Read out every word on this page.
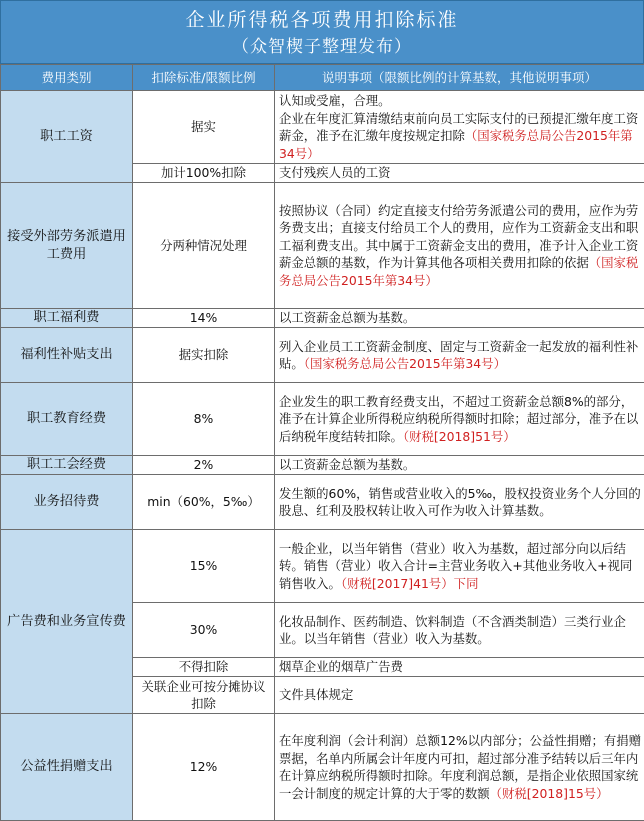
企业所得税各项费用扣除标准
（众智楔子整理发布）
费用类别	扣除标准/限额比例	说明事项（限额比例的计算基数，其他说明事项）
职工工资	据实	认知或受雇，合理。
企业在年度汇算清缴结束前向员工实际支付的已预提汇缴年度工资薪金，准予在汇缴年度按规定扣除（国家税务总局公告2015年第34号）
	加计100%扣除	支付残疾人员的工资
接受外部劳务派遣用工费用	分两种情况处理	按照协议（合同）约定直接支付给劳务派遣公司的费用，应作为劳务费支出；直接支付给员工个人的费用，应作为工资薪金支出和职工福利费支出。其中属于工资薪金支出的费用，准予计入企业工资薪金总额的基数，作为计算其他各项相关费用扣除的依据（国家税务总局公告2015年第34号）
职工福利费	14%	以工资薪金总额为基数。
福利性补贴支出	据实扣除	列入企业员工工资薪金制度、固定与工资薪金一起发放的福利性补贴。（国家税务总局公告2015年第34号）
职工教育经费	8%	企业发生的职工教育经费支出，不超过工资薪金总额8%的部分，准予在计算企业所得税应纳税所得额时扣除；超过部分，准予在以后纳税年度结转扣除。（财税[2018]51号）
职工工会经费	2%	以工资薪金总额为基数。
业务招待费	min（60%，5‰）	发生额的60%，销售或营业收入的5‰，股权投资业务个人分回的股息、红利及股权转让收入可作为收入计算基数。
广告费和业务宣传费	15%	一般企业，以当年销售（营业）收入为基数，超过部分向以后结转。销售（营业）收入合计=主营业务收入+其他业务收入+视同销售收入。（财税[2017]41号）下同
	30%	化妆品制作、医药制造、饮料制造（不含酒类制造）三类行业企业。以当年销售（营业）收入为基数。
	不得扣除	烟草企业的烟草广告费
	关联企业可按分摊协议扣除	文件具体规定
公益性捐赠支出	12%	在年度利润（会计利润）总额12%以内部分；公益性捐赠；有捐赠票据，名单内所属会计年度内可扣，超过部分准予结转以后三年内在计算应纳税所得额时扣除。年度利润总额，是指企业依照国家统一会计制度的规定计算的大于零的数额（财税[2018]15号）
